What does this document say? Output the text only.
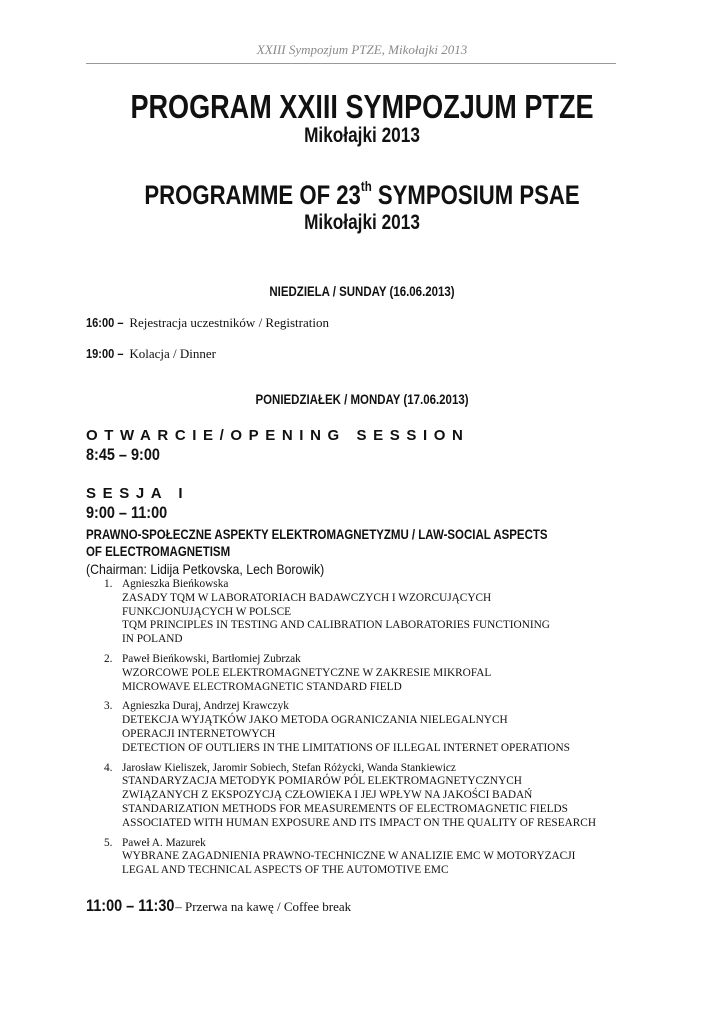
XXIII Sympozjum PTZE, Mikołajki 2013
PROGRAM XXIII SYMPOZJUM PTZE
Mikołajki 2013
PROGRAMME OF 23th SYMPOSIUM PSAE
Mikołajki 2013
NIEDZIELA / SUNDAY (16.06.2013)
16:00 – Rejestracja uczestników / Registration
19:00 – Kolacja / Dinner
PONIEDZIAŁEK / MONDAY (17.06.2013)
OTWARCIE/OPENING SESSION
8:45 – 9:00
SESJA I
9:00 – 11:00
PRAWNO-SPOŁECZNE ASPEKTY ELEKTROMAGNETYZMU / LAW-SOCIAL ASPECTS
OF ELECTROMAGNETISM
(Chairman: Lidija Petkovska, Lech Borowik)
1. Agnieszka Bieńkowska
ZASADY TQM W LABORATORIACH BADAWCZYCH I WZORCUJĄCYCH
FUNKCJONUJĄCYCH W POLSCE
TQM PRINCIPLES IN TESTING AND CALIBRATION LABORATORIES FUNCTIONING
IN POLAND
2. Paweł Bieńkowski, Bartłomiej Zubrzak
WZORCOWE POLE ELEKTROMAGNETYCZNE W ZAKRESIE MIKROFAL
MICROWAVE ELECTROMAGNETIC STANDARD FIELD
3. Agnieszka Duraj, Andrzej Krawczyk
DETEKCJA WYJĄTKÓW JAKO METODA OGRANICZANIA NIELEGALNYCH
OPERACJI INTERNETOWYCH
DETECTION OF OUTLIERS IN THE LIMITATIONS OF ILLEGAL INTERNET OPERATIONS
4. Jarosław Kieliszek, Jaromir Sobiech, Stefan Różycki, Wanda Stankiewicz
STANDARYZACJA METODYK POMIARÓW PÓL ELEKTROMAGNETYCZNYCH
ZWIĄZANYCH Z EKSPOZYCJĄ CZŁOWIEKA I JEJ WPŁYW NA JAKOŚCI BADAŃ
STANDARIZATION METHODS FOR MEASUREMENTS OF ELECTROMAGNETIC FIELDS
ASSOCIATED WITH HUMAN EXPOSURE AND ITS IMPACT ON THE QUALITY OF RESEARCH
5. Paweł A. Mazurek
WYBRANE ZAGADNIENIA PRAWNO-TECHNICZNE W ANALIZIE EMC W MOTORYZACJI
LEGAL AND TECHNICAL ASPECTS OF THE AUTOMOTIVE EMC
11:00 – 11:30 – Przerwa na kawę / Coffee break
